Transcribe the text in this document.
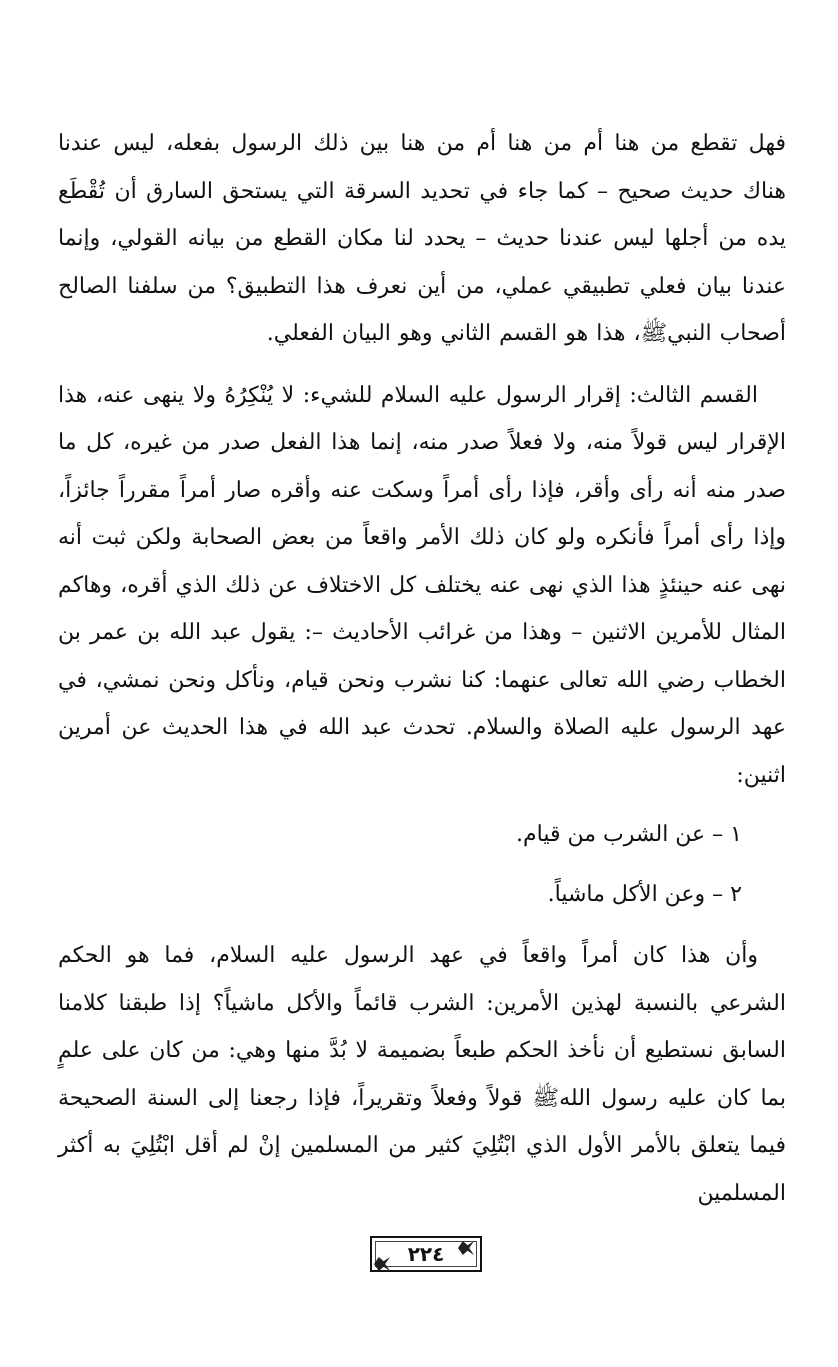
فهل تقطع من هنا أم من هنا أم من هنا بين ذلك الرسول بفعله، ليس عندنا هناك حديث صحيح – كما جاء في تحديد السرقة التي يستحق السارق أن تُقْطَع يده من أجلها ليس عندنا حديث – يحدد لنا مكان القطع من بيانه القولي، وإنما عندنا بيان فعلي تطبيقي عملي، من أين نعرف هذا التطبيق؟ من سلفنا الصالح أصحاب النبيﷺ، هذا هو القسم الثاني وهو البيان الفعلي.

القسم الثالث: إقرار الرسول عليه السلام للشيء: لا يُنْكِرُهُ ولا ينهى عنه، هذا الإقرار ليس قولاً منه، ولا فعلاً صدر منه، إنما هذا الفعل صدر من غيره، كل ما صدر منه أنه رأى وأقر، فإذا رأى أمراً وسكت عنه وأقره صار أمراً مقرراً جائزاً، وإذا رأى أمراً فأنكره ولو كان ذلك الأمر واقعاً من بعض الصحابة ولكن ثبت أنه نهى عنه حينئذٍ هذا الذي نهى عنه يختلف كل الاختلاف عن ذلك الذي أقره، وهاكم المثال للأمرين الاثنين – وهذا من غرائب الأحاديث –: يقول عبد الله بن عمر بن الخطاب رضي الله تعالى عنهما: كنا نشرب ونحن قيام، ونأكل ونحن نمشي، في عهد الرسول عليه الصلاة والسلام. تحدث عبد الله في هذا الحديث عن أمرين اثنين:

١ – عن الشرب من قيام.

٢ – وعن الأكل ماشياً.

وأن هذا كان أمراً واقعاً في عهد الرسول عليه السلام، فما هو الحكم الشرعي بالنسبة لهذين الأمرين: الشرب قائماً والأكل ماشياً؟ إذا طبقنا كلامنا السابق نستطيع أن نأخذ الحكم طبعاً بضميمة لا بُدَّ منها وهي: من كان على علمٍ بما كان عليه رسول اللهﷺ قولاً وفعلاً وتقريراً، فإذا رجعنا إلى السنة الصحيحة فيما يتعلق بالأمر الأول الذي ابْتُلِيَ كثير من المسلمين إنْ لم أقل ابْتُلِيَ به أكثر المسلمين

٢٢٤
